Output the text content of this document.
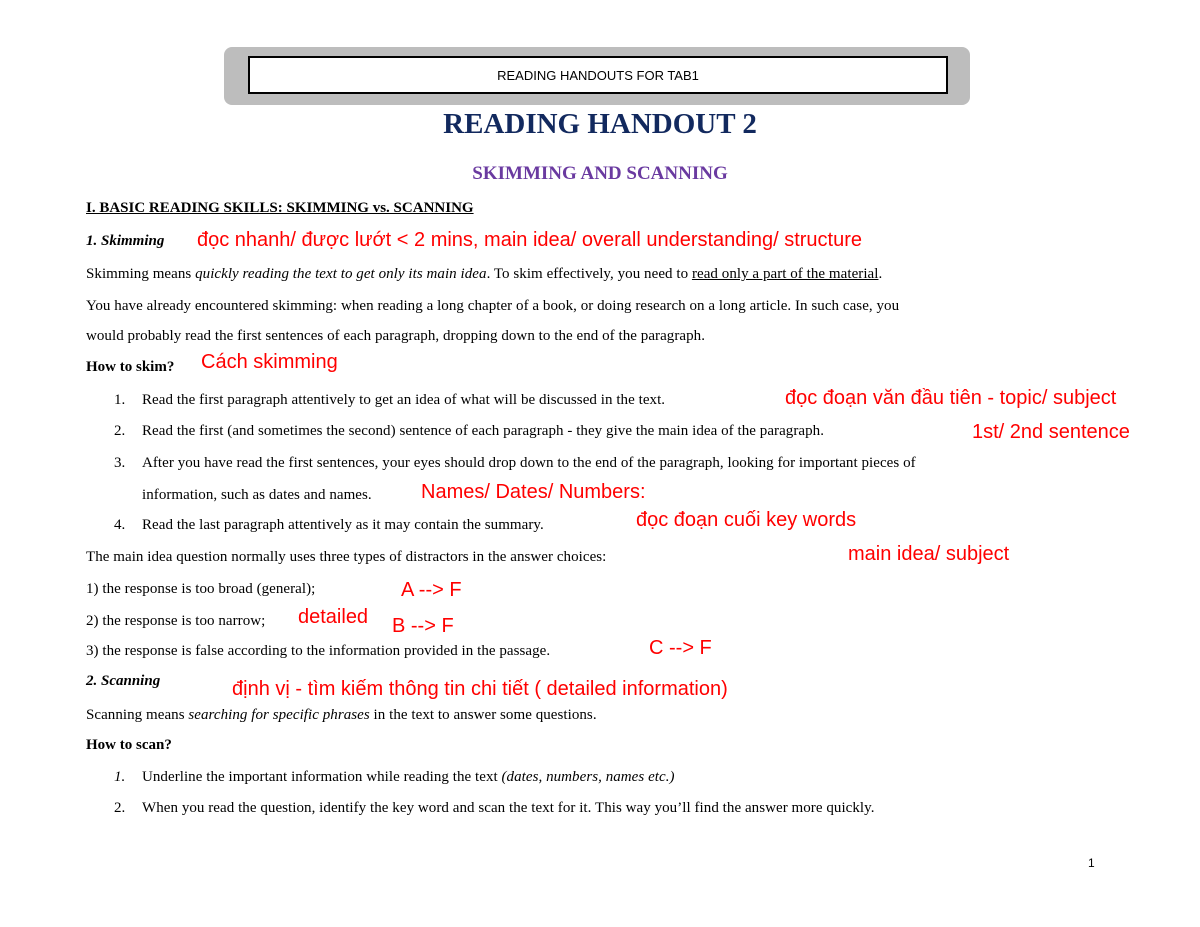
READING HANDOUTS FOR TAB1
READING HANDOUT 2
SKIMMING AND SCANNING
I. BASIC READING SKILLS: SKIMMING vs. SCANNING
1. Skimming đọc nhanh/ được lướt < 2 mins, main idea/ overall understanding/ structure
Skimming means quickly reading the text to get only its main idea. To skim effectively, you need to read only a part of the material.
You have already encountered skimming: when reading a long chapter of a book, or doing research on a long article. In such case, you
would probably read the first sentences of each paragraph, dropping down to the end of the paragraph.
How to skim? Cách skimming
1. Read the first paragraph attentively to get an idea of what will be discussed in the text.	đọc đoạn văn đầu tiên - topic/ subject
2. Read the first (and sometimes the second) sentence of each paragraph - they give the main idea of the paragraph.	1st/ 2nd sentence
3. After you have read the first sentences, your eyes should drop down to the end of the paragraph, looking for important pieces of
information, such as dates and names. Names/ Dates/ Numbers:
4. Read the last paragraph attentively as it may contain the summary.	đọc đoạn cuối key words
The main idea question normally uses three types of distractors in the answer choices:	main idea/ subject
1) the response is too broad (general);	A --> F
2) the response is too narrow; detailed B --> F
3) the response is false according to the information provided in the passage.	C --> F
2. Scanning	định vị - tìm kiếm thông tin chi tiết ( detailed information)
Scanning means searching for specific phrases in the text to answer some questions.
How to scan?
1. Underline the important information while reading the text (dates, numbers, names etc.)
2. When you read the question, identify the key word and scan the text for it. This way you’ll find the answer more quickly.
1
